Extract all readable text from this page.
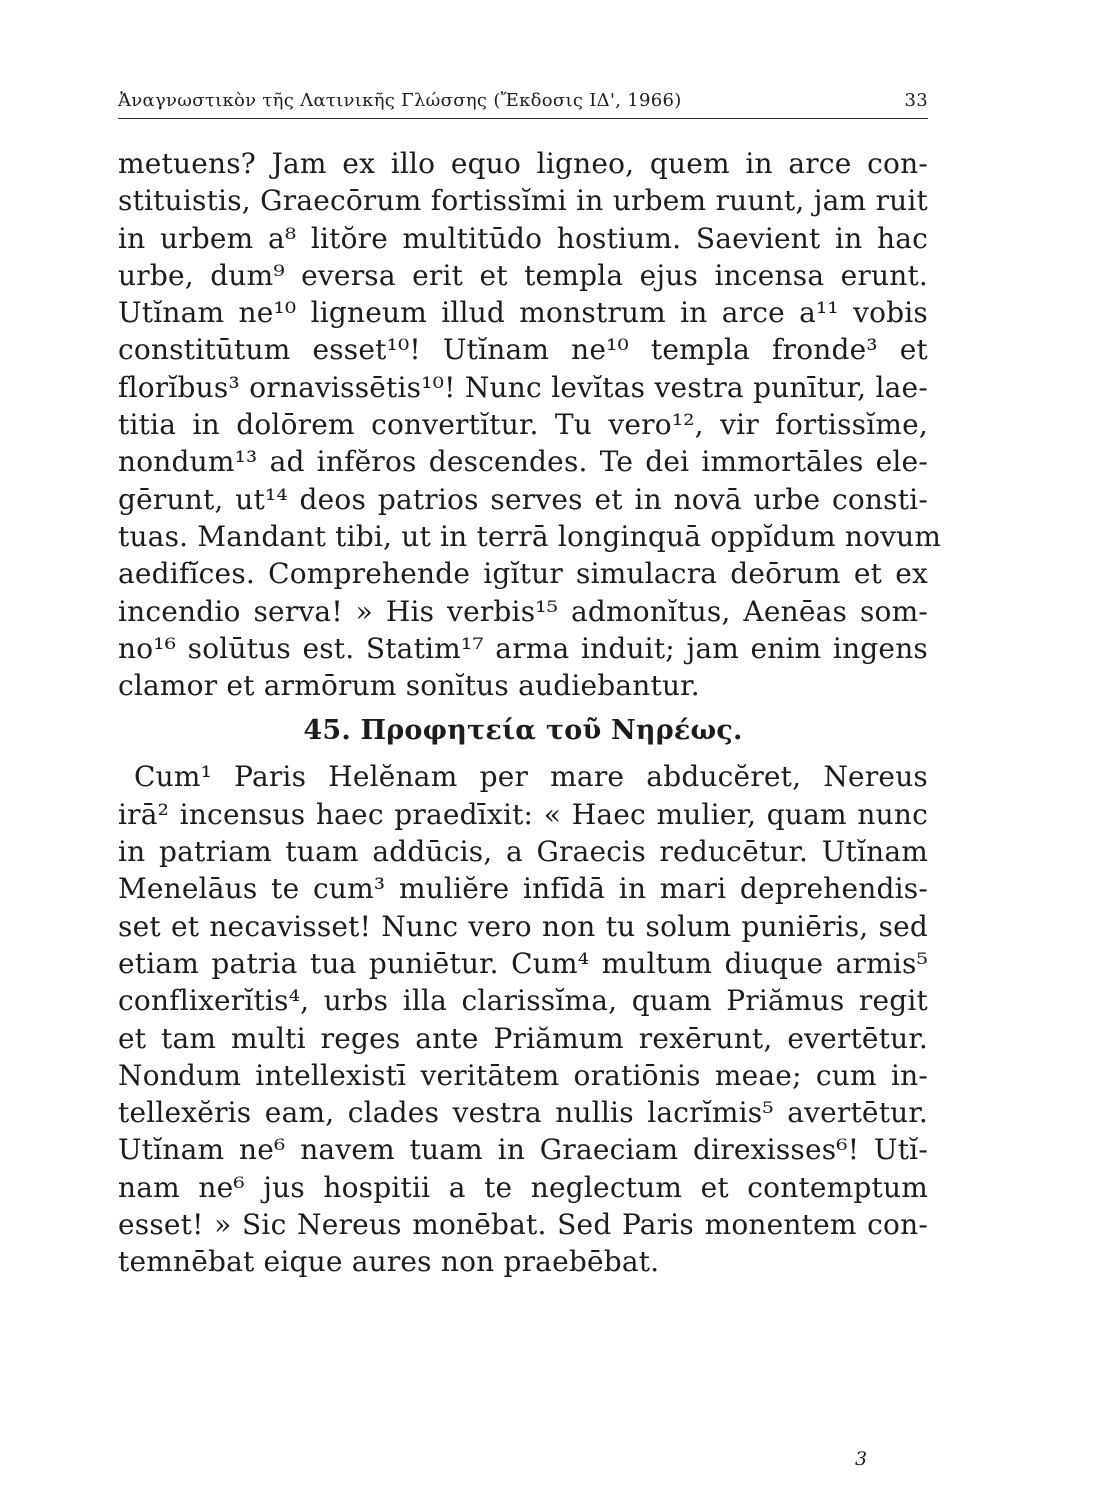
Ἀναγνωστικὸν τῆς Λατινικῆς Γλώσσης (Ἔκδοσις ΙΔ', 1966)	33
metuens? Jam ex illo equo ligneo, quem in arce con-
stituistis, Graecōrum fortissĭmi in urbem ruunt, jam ruit
in urbem a⁸ litŏre multitūdo hostium. Saevient in hac
urbe, dum⁹ eversa erit et templa ejus incensa erunt.
Utĭnam ne¹⁰ ligneum illud monstrum in arce a¹¹ vobis
constitūtum esset¹⁰! Utĭnam ne¹⁰ templa fronde³ et
florĭbus³ ornavissētis¹⁰! Nunc levĭtas vestra punītur, lae-
titia in dolōrem convertĭtur. Tu vero¹², vir fortissĭme,
nondum¹³ ad infĕros descendes. Te dei immortāles ele-
gērunt, ut¹⁴ deos patrios serves et in novā urbe consti-
tuas. Mandant tibi, ut in terrā longinquā oppĭdum novum
aedifĭces. Comprehende igĭtur simulacra deōrum et ex
incendio serva! » His verbis¹⁵ admonĭtus, Aenēas som-
no¹⁶ solūtus est. Statim¹⁷ arma induit; jam enim ingens
clamor et armōrum sonĭtus audiebantur.
45. Προφητεία τοῦ Νηρέως.
Cum¹ Paris Helĕnam per mare abducĕret, Nereus
irā² incensus haec praedīxit: « Haec mulier, quam nunc
in patriam tuam addūcis, a Graecis reducētur. Utĭnam
Menelāus te cum³ muliĕre infīdā in mari deprehendis-
set et necavisset! Nunc vero non tu solum puniēris, sed
etiam patria tua puniētur. Cum⁴ multum diuque armis⁵
conflixerĭtis⁴, urbs illa clarissĭma, quam Priămus regit
et tam multi reges ante Priămum rexērunt, evertētur.
Nondum intellexistī veritātem oratiōnis meae; cum in-
tellexĕris eam, clades vestra nullis lacrĭmis⁵ avertētur.
Utĭnam ne⁶ navem tuam in Graeciam direxisses⁶! Utĭ-
nam ne⁶ jus hospitii a te neglectum et contemptum
esset! » Sic Nereus monēbat. Sed Paris monentem con-
temnēbat eique aures non praebēbat.
3
